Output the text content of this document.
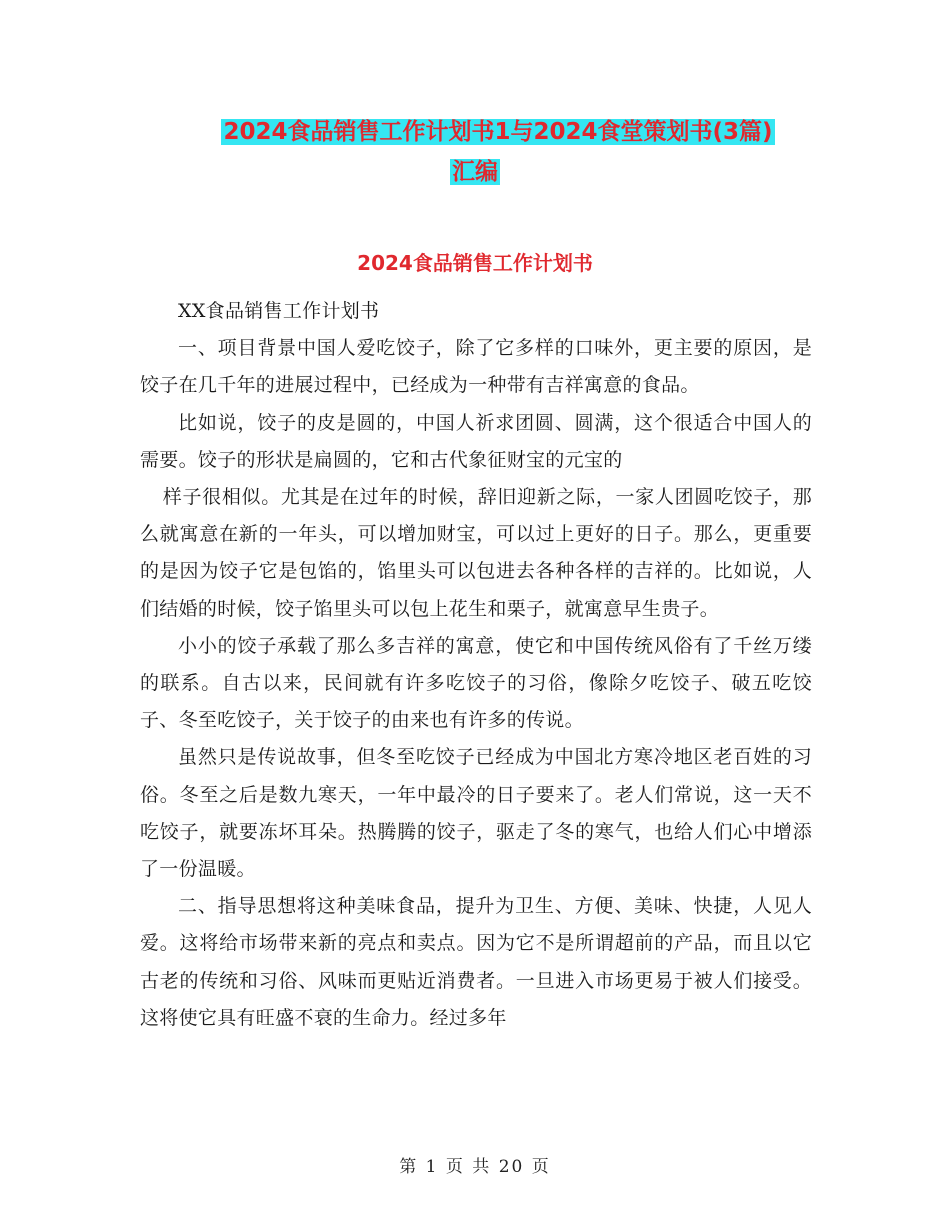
2024食品销售工作计划书1与2024食堂策划书(3篇)
汇编
2024食品销售工作计划书

XX食品销售工作计划书

一、项目背景中国人爱吃饺子，除了它多样的口味外，更主要的原因，是饺子在几千年的进展过程中，已经成为一种带有吉祥寓意的食品。

比如说，饺子的皮是圆的，中国人祈求团圆、圆满，这个很适合中国人的需要。饺子的形状是扁圆的，它和古代象征财宝的元宝的

样子很相似。尤其是在过年的时候，辞旧迎新之际，一家人团圆吃饺子，那么就寓意在新的一年头，可以增加财宝，可以过上更好的日子。那么，更重要的是因为饺子它是包馅的，馅里头可以包进去各种各样的吉祥的。比如说，人们结婚的时候，饺子馅里头可以包上花生和栗子，就寓意早生贵子。

小小的饺子承载了那么多吉祥的寓意，使它和中国传统风俗有了千丝万缕的联系。自古以来，民间就有许多吃饺子的习俗，像除夕吃饺子、破五吃饺子、冬至吃饺子，关于饺子的由来也有许多的传说。

虽然只是传说故事，但冬至吃饺子已经成为中国北方寒冷地区老百姓的习俗。冬至之后是数九寒天，一年中最冷的日子要来了。老人们常说，这一天不吃饺子，就要冻坏耳朵。热腾腾的饺子，驱走了冬的寒气，也给人们心中增添了一份温暖。

二、指导思想将这种美味食品，提升为卫生、方便、美味、快捷，人见人爱。这将给市场带来新的亮点和卖点。因为它不是所谓超前的产品，而且以它古老的传统和习俗、风味而更贴近消费者。一旦进入市场更易于被人们接受。这将使它具有旺盛不衰的生命力。经过多年

第 1 页 共 20 页
